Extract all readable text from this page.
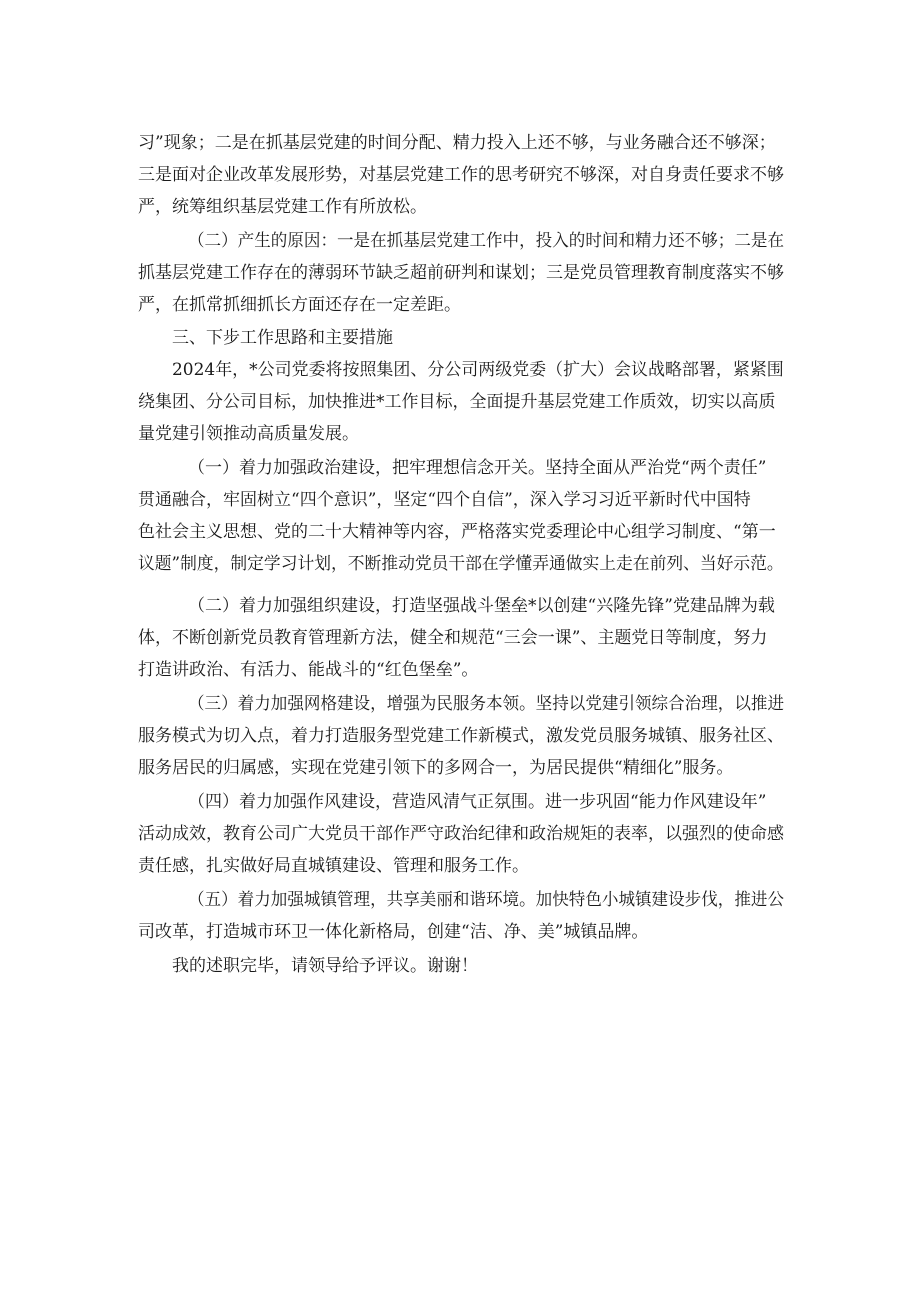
习”现象；二是在抓基层党建的时间分配、精力投入上还不够，与业务融合还不够深；
三是面对企业改革发展形势，对基层党建工作的思考研究不够深，对自身责任要求不够
严，统筹组织基层党建工作有所放松。
（二）产生的原因：一是在抓基层党建工作中，投入的时间和精力还不够；二是在
抓基层党建工作存在的薄弱环节缺乏超前研判和谋划；三是党员管理教育制度落实不够
严，在抓常抓细抓长方面还存在一定差距。
三、下步工作思路和主要措施
2024年，*公司党委将按照集团、分公司两级党委（扩大）会议战略部署，紧紧围
绕集团、分公司目标，加快推进*工作目标，全面提升基层党建工作质效，切实以高质
量党建引领推动高质量发展。
（一）着力加强政治建设，把牢理想信念开关。坚持全面从严治党“两个责任”
贯通融合，牢固树立“四个意识”，坚定“四个自信”，深入学习习近平新时代中国特
色社会主义思想、党的二十大精神等内容，严格落实党委理论中心组学习制度、“第一
议题”制度，制定学习计划，不断推动党员干部在学懂弄通做实上走在前列、当好示范。
（二）着力加强组织建设，打造坚强战斗堡垒*以创建“兴隆先锋”党建品牌为载
体，不断创新党员教育管理新方法，健全和规范“三会一课”、主题党日等制度，努力
打造讲政治、有活力、能战斗的“红色堡垒”。
（三）着力加强网格建设，增强为民服务本领。坚持以党建引领综合治理，以推进
服务模式为切入点，着力打造服务型党建工作新模式，激发党员服务城镇、服务社区、
服务居民的归属感，实现在党建引领下的多网合一，为居民提供“精细化”服务。
（四）着力加强作风建设，营造风清气正氛围。进一步巩固“能力作风建设年”
活动成效，教育公司广大党员干部作严守政治纪律和政治规矩的表率，以强烈的使命感
责任感，扎实做好局直城镇建设、管理和服务工作。
（五）着力加强城镇管理，共享美丽和谐环境。加快特色小城镇建设步伐，推进公
司改革，打造城市环卫一体化新格局，创建“洁、净、美”城镇品牌。
我的述职完毕，请领导给予评议。谢谢！
